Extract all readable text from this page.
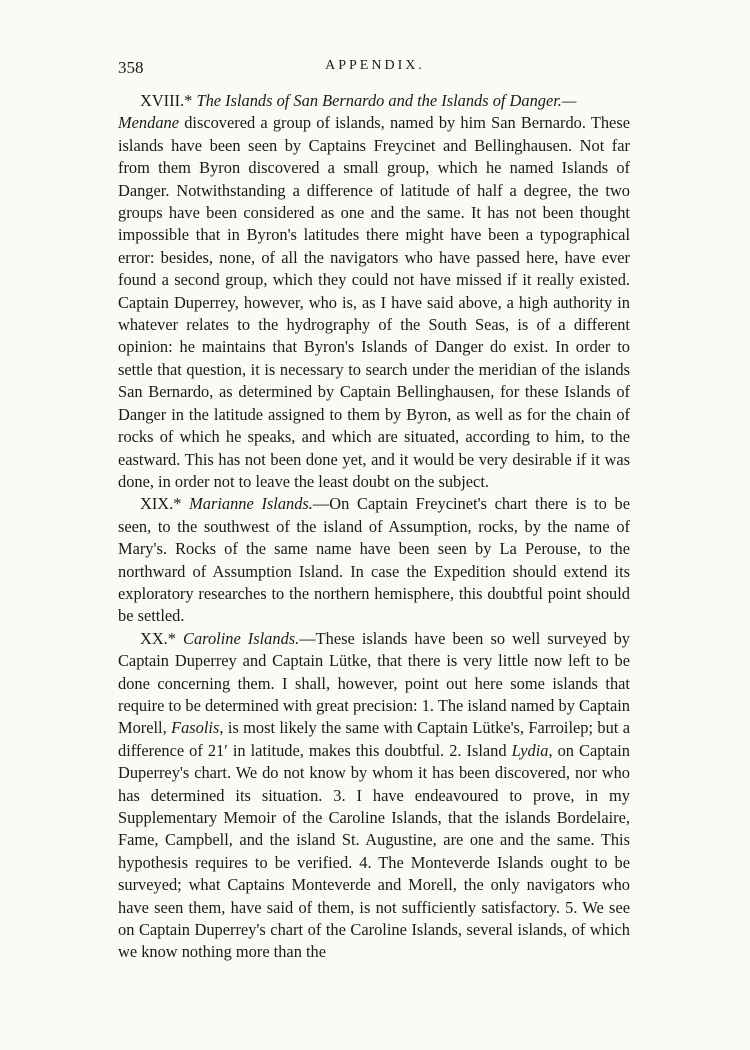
358	APPENDIX.

XVIII.* The Islands of San Bernardo and the Islands of Danger.—
Mendane discovered a group of islands, named by him San Bernardo. These islands have been seen by Captains Freycinet and Bellinghausen. Not far from them Byron discovered a small group, which he named Islands of Danger. Notwithstanding a difference of latitude of half a degree, the two groups have been considered as one and the same. It has not been thought impossible that in Byron's latitudes there might have been a typographical error: besides, none, of all the navigators who have passed here, have ever found a second group, which they could not have missed if it really existed. Captain Duperrey, however, who is, as I have said above, a high authority in whatever relates to the hydrography of the South Seas, is of a different opinion: he maintains that Byron's Islands of Danger do exist. In order to settle that question, it is necessary to search under the meridian of the islands San Bernardo, as determined by Captain Bellinghausen, for these Islands of Danger in the latitude assigned to them by Byron, as well as for the chain of rocks of which he speaks, and which are situated, according to him, to the eastward. This has not been done yet, and it would be very desirable if it was done, in order not to leave the least doubt on the subject.

XIX.* Marianne Islands.—On Captain Freycinet's chart there is to be seen, to the southwest of the island of Assumption, rocks, by the name of Mary's. Rocks of the same name have been seen by La Perouse, to the northward of Assumption Island. In case the Expedition should extend its exploratory researches to the northern hemisphere, this doubtful point should be settled.

XX.* Caroline Islands.—These islands have been so well surveyed by Captain Duperrey and Captain Lütke, that there is very little now left to be done concerning them. I shall, however, point out here some islands that require to be determined with great precision: 1. The island named by Captain Morell, Fasolis, is most likely the same with Captain Lütke's, Farroilep; but a difference of 21′ in latitude, makes this doubtful. 2. Island Lydia, on Captain Duperrey's chart. We do not know by whom it has been discovered, nor who has determined its situation. 3. I have endeavoured to prove, in my Supplementary Memoir of the Caroline Islands, that the islands Bordelaire, Fame, Campbell, and the island St. Augustine, are one and the same. This hypothesis requires to be verified. 4. The Monteverde Islands ought to be surveyed; what Captains Monteverde and Morell, the only navigators who have seen them, have said of them, is not sufficiently satisfactory. 5. We see on Captain Duperrey's chart of the Caroline Islands, several islands, of which we know nothing more than the
